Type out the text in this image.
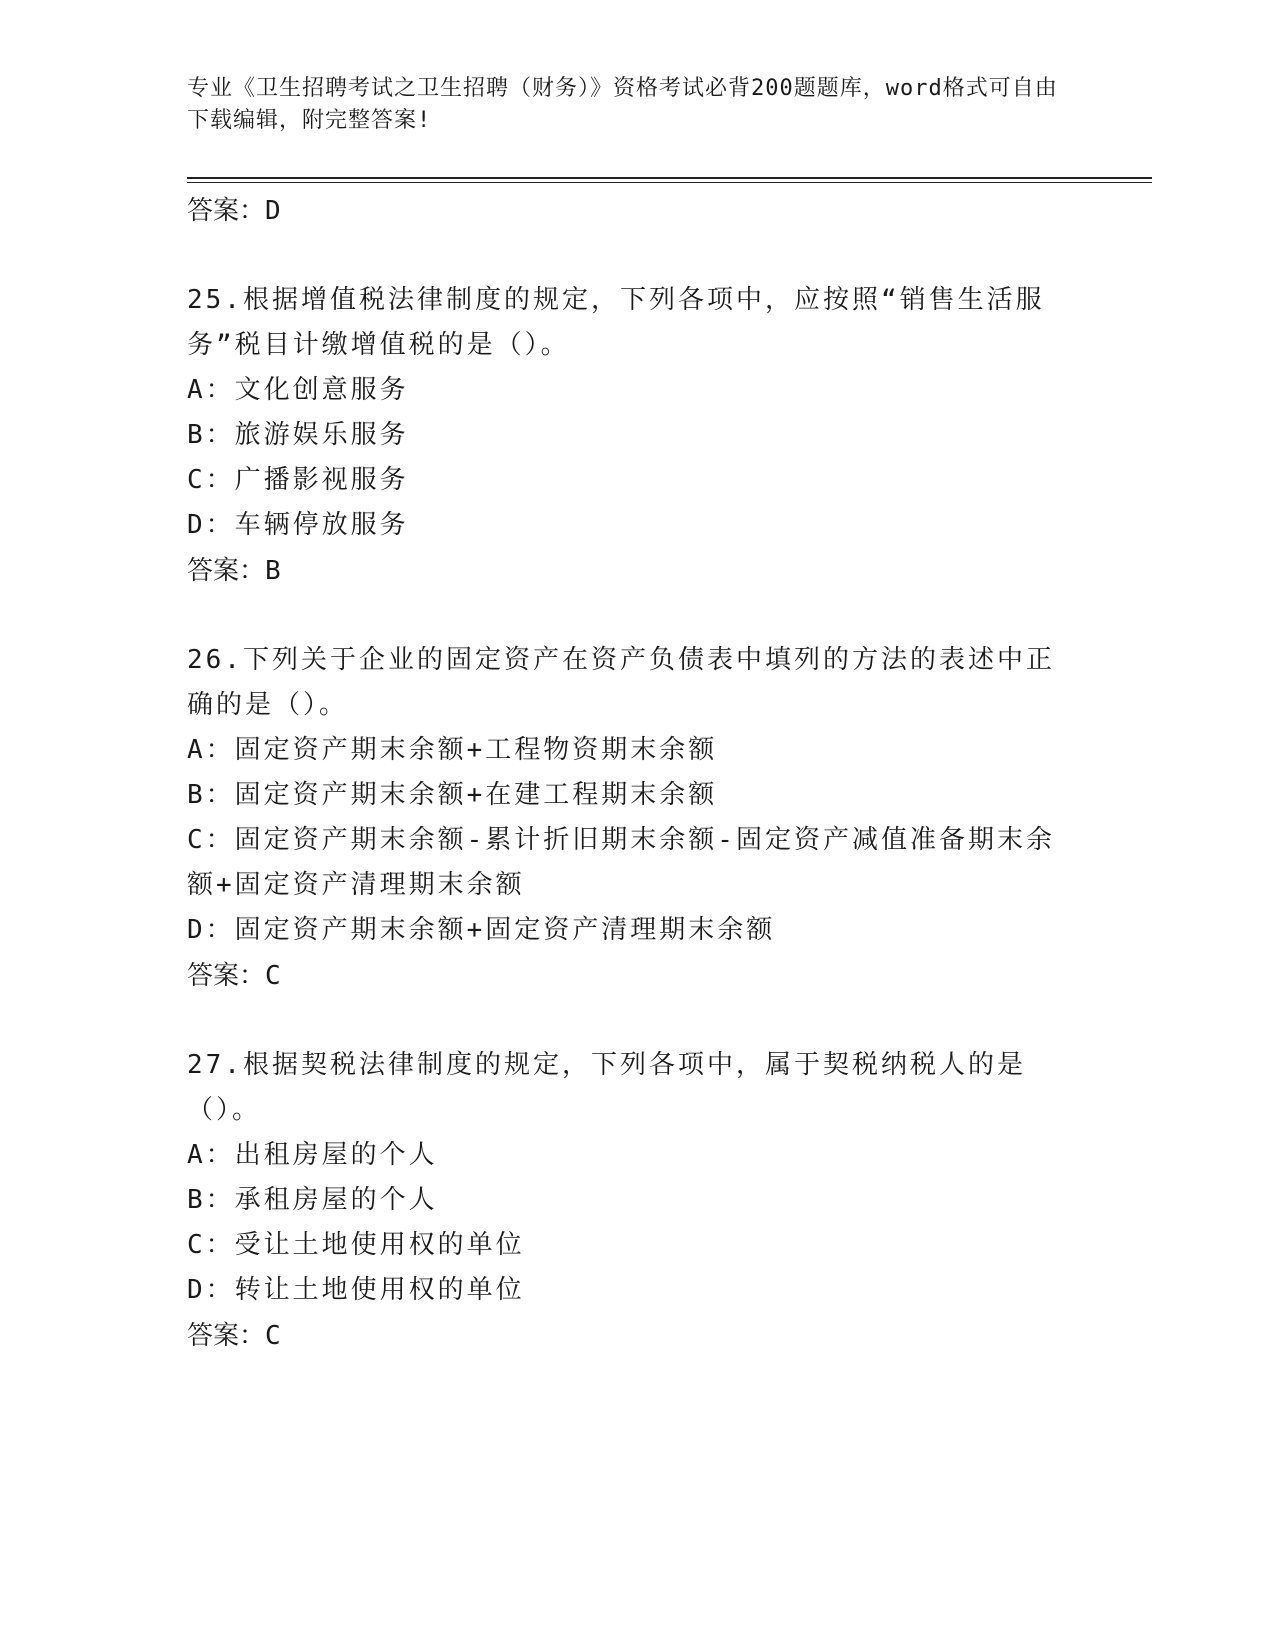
专业《卫生招聘考试之卫生招聘（财务）》资格考试必背200题题库，word格式可自由下载编辑，附完整答案!

答案：D

25.根据增值税法律制度的规定，下列各项中，应按照“销售生活服务”税目计缴增值税的是（）。

A：文化创意服务

B：旅游娱乐服务

C：广播影视服务

D：车辆停放服务

答案：B

26.下列关于企业的固定资产在资产负债表中填列的方法的表述中正确的是（）。

A：固定资产期末余额+工程物资期末余额

B：固定资产期末余额+在建工程期末余额

C：固定资产期末余额-累计折旧期末余额-固定资产减值准备期末余额+固定资产清理期末余额

D：固定资产期末余额+固定资产清理期末余额

答案：C

27.根据契税法律制度的规定，下列各项中，属于契税纳税人的是（）。

A：出租房屋的个人

B：承租房屋的个人

C：受让土地使用权的单位

D：转让土地使用权的单位

答案：C
